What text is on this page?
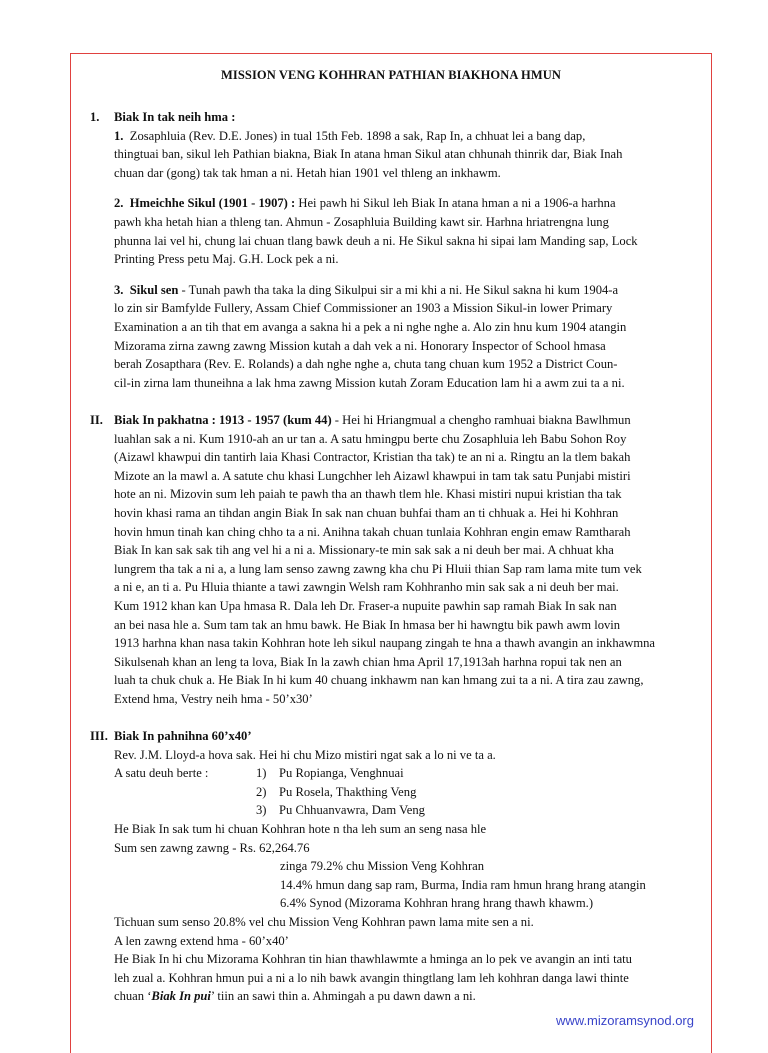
MISSION VENG KOHHRAN PATHIAN BIAKHONA HMUN
1. Biak In tak neih hma :
1. Zosaphluia (Rev. D.E. Jones) in tual 15th Feb. 1898 a sak, Rap In, a chhuat lei a bang dap,
thingtuai ban, sikul leh Pathian biakna, Biak In atana hman Sikul atan chhunah thinrik dar, Biak Inah
chuan dar (gong) tak tak hman a ni. Hetah hian 1901 vel thleng an inkhawm.
2. Hmeichhe Sikul (1901 - 1907) : Hei pawh hi Sikul leh Biak In atana hman a ni a 1906-a harhna
pawh kha hetah hian a thleng tan. Ahmun - Zosaphluia Building kawt sir. Harhna hriatrengna lung
phunna lai vel hi, chung lai chuan tlang bawk deuh a ni. He Sikul sakna hi sipai lam Manding sap, Lock
Printing Press petu Maj. G.H. Lock pek a ni.
3. Sikul sen - Tunah pawh tha taka la ding Sikulpui sir a mi khi a ni. He Sikul sakna hi kum 1904-a
lo zin sir Bamfylde Fullery, Assam Chief Commissioner an 1903 a Mission Sikul-in lower Primary
Examination a an tih that em avanga a sakna hi a pek a ni nghe nghe a. Alo zin hnu kum 1904 atangin
Mizorama zirna zawng zawng Mission kutah a dah vek a ni. Honorary Inspector of School hmasa
berah Zosapthara (Rev. E. Rolands) a dah nghe nghe a, chuta tang chuan kum 1952 a District Coun-
cil-in zirna lam thuneihna a lak hma zawng Mission kutah Zoram Education lam hi a awm zui ta a ni.
II. Biak In pakhatna : 1913 - 1957 (kum 44) - Hei hi Hriangmual a chengho ramhuai biakna Bawlhmun
luahlan sak a ni. Kum 1910-ah an ur tan a. A satu hmingpu berte chu Zosaphluia leh Babu Sohon Roy
(Aizawl khawpui din tantirh laia Khasi Contractor, Kristian tha tak) te an ni a. Ringtu an la tlem bakah
Mizote an la mawl a. A satute chu khasi Lungchher leh Aizawl khawpui in tam tak satu Punjabi mistiri
hote an ni. Mizovin sum leh paiah te pawh tha an thawh tlem hle. Khasi mistiri nupui kristian tha tak
hovin khasi rama an tihdan angin Biak In sak nan chuan buhfai tham an ti chhuak a. Hei hi Kohhran
hovin hmun tinah kan ching chho ta a ni. Anihna takah chuan tunlaia Kohhran engin emaw Ramtharah
Biak In kan sak sak tih ang vel hi a ni a. Missionary-te min sak sak a ni deuh ber mai. A chhuat kha
lungrem tha tak a ni a, a lung lam senso zawng zawng kha chu Pi Hluii thian Sap ram lama mite tum vek
a ni e, an ti a. Pu Hluia thiante a tawi zawngin Welsh ram Kohhranho min sak sak a ni deuh ber mai.
Kum 1912 khan kan Upa hmasa R. Dala leh Dr. Fraser-a nupuite pawhin sap ramah Biak In sak nan
an bei nasa hle a. Sum tam tak an hmu bawk. He Biak In hmasa ber hi hawngtu bik pawh awm lovin
1913 harhna khan nasa takin Kohhran hote leh sikul naupang zingah te hna a thawh avangin an inkhawmna
Sikulsenah khan an leng ta lova, Biak In la zawh chian hma April 17,1913ah harhna ropui tak nen an
luah ta chuk chuk a. He Biak In hi kum 40 chuang inkhawm nan kan hmang zui ta a ni. A tira zau zawng,
Extend hma, Vestry neih hma - 50’x30’
III. Biak In pahnihna 60’x40’
Rev. J.M. Lloyd-a hova sak. Hei hi chu Mizo mistiri ngat sak a lo ni ve ta a.
A satu deuh berte :	1) Pu Ropianga, Venghnuai

2) Pu Rosela, Thakthing Veng

3) Pu Chhuanvawra, Dam Veng
He Biak In sak tum hi chuan Kohhran hote n tha leh sum an seng nasa hle
Sum sen zawng zawng - Rs. 62,264.76
zinga 79.2% chu Mission Veng Kohhran
14.4% hmun dang sap ram, Burma, India ram hmun hrang hrang atangin
6.4% Synod (Mizorama Kohhran hrang hrang thawh khawm.)
Tichuan sum senso 20.8% vel chu Mission Veng Kohhran pawn lama mite sen a ni.
A len zawng extend hma - 60’x40’
He Biak In hi chu Mizorama Kohhran tin hian thawhlawmte a hminga an lo pek ve avangin an inti tatu
leh zual a. Kohhran hmun pui a ni a lo nih bawk avangin thingtlang lam leh kohhran danga lawi thinte
chuan ‘Biak In pui’ tiin an sawi thin a. Ahmingah a pu dawn dawn a ni.
www.mizoramsynod.org
